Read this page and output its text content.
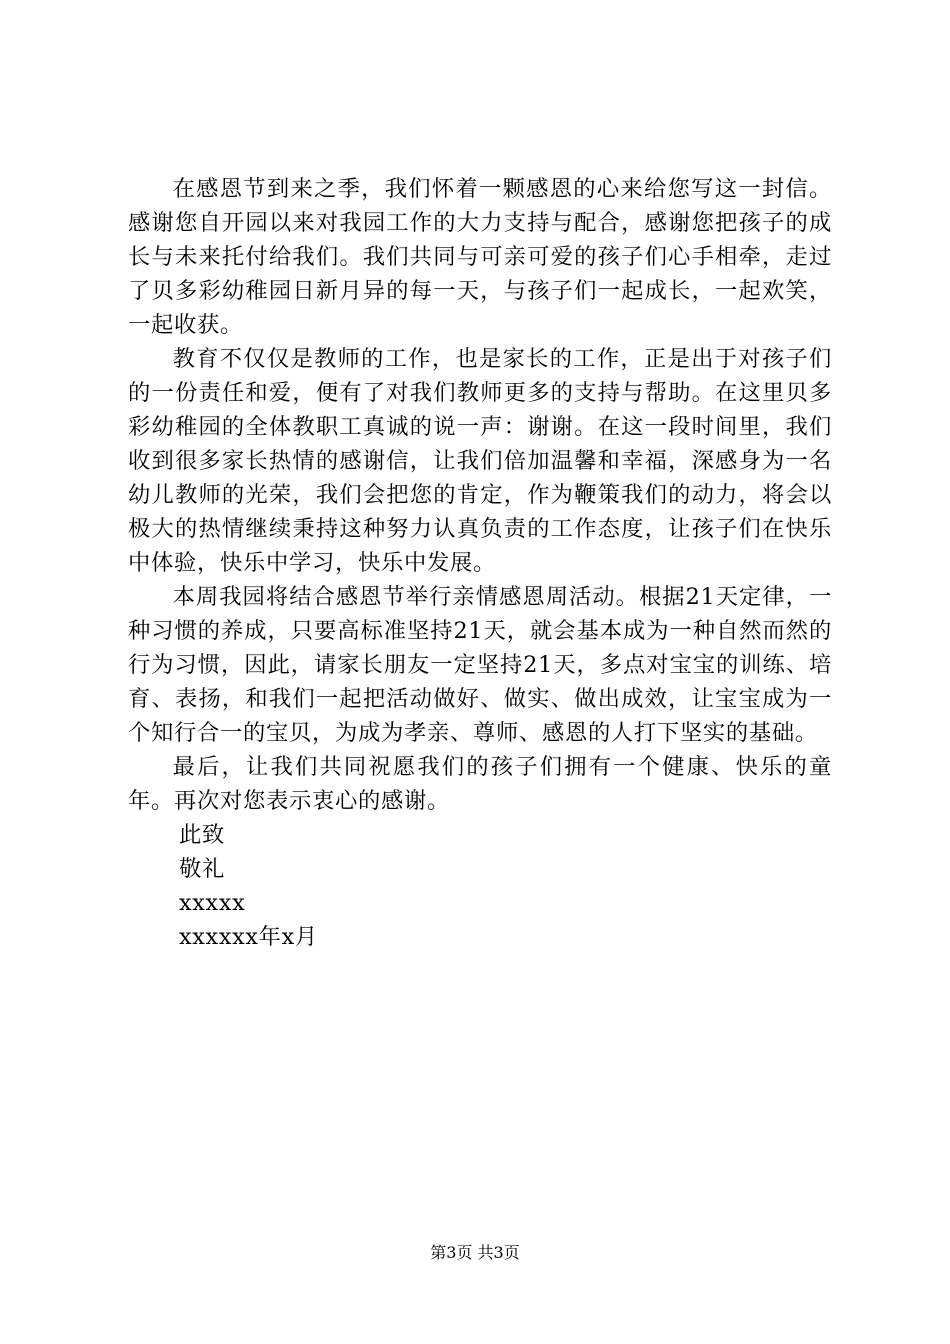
在感恩节到来之季，我们怀着一颗感恩的心来给您写这一封信。感谢您自开园以来对我园工作的大力支持与配合，感谢您把孩子的成长与未来托付给我们。我们共同与可亲可爱的孩子们心手相牵，走过了贝多彩幼稚园日新月异的每一天，与孩子们一起成长，一起欢笑，一起收获。

教育不仅仅是教师的工作，也是家长的工作，正是出于对孩子们的一份责任和爱，便有了对我们教师更多的支持与帮助。在这里贝多彩幼稚园的全体教职工真诚的说一声：谢谢。在这一段时间里，我们收到很多家长热情的感谢信，让我们倍加温馨和幸福，深感身为一名幼儿教师的光荣，我们会把您的肯定，作为鞭策我们的动力，将会以极大的热情继续秉持这种努力认真负责的工作态度，让孩子们在快乐中体验，快乐中学习，快乐中发展。

本周我园将结合感恩节举行亲情感恩周活动。根据21天定律，一种习惯的养成，只要高标准坚持21天，就会基本成为一种自然而然的行为习惯，因此，请家长朋友一定坚持21天，多点对宝宝的训练、培育、表扬，和我们一起把活动做好、做实、做出成效，让宝宝成为一个知行合一的宝贝，为成为孝亲、尊师、感恩的人打下坚实的基础。

最后，让我们共同祝愿我们的孩子们拥有一个健康、快乐的童年。再次对您表示衷心的感谢。

此致

敬礼

xxxxx

xxxxxx年x月

第3页 共3页
